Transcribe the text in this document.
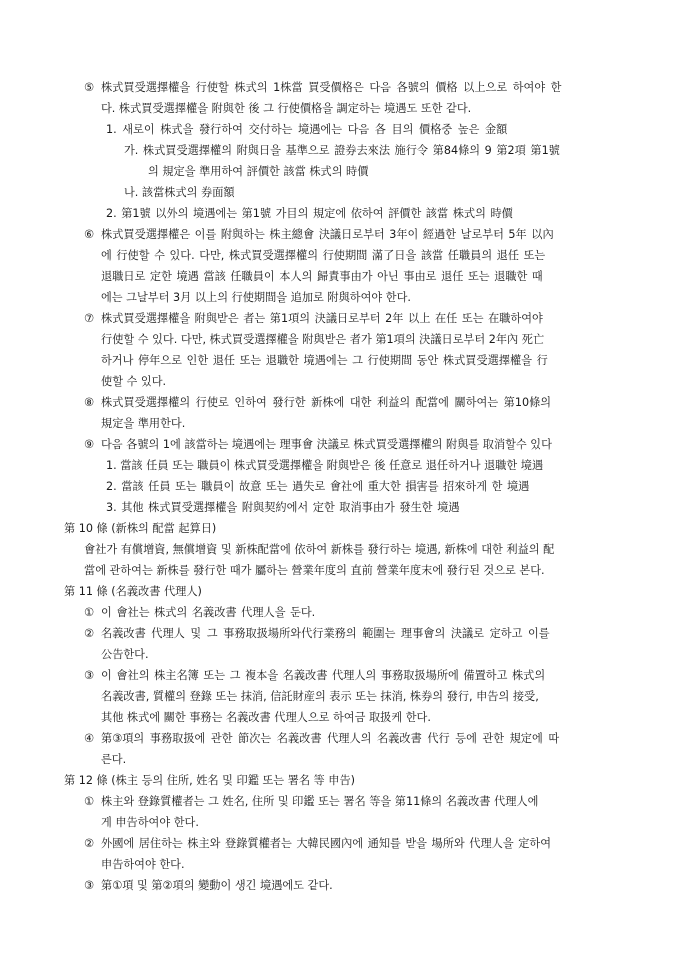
⑤ 株式買受選擇權을 行使할 株式의 1株當 買受價格은 다음 各號의 價格 以上으로 하여야 한
다. 株式買受選擇權을 附與한 後 그 行使價格을 調定하는 境遇도 또한 같다.
1. 새로이 株式을 發行하여 交付하는 境遇에는 다음 各 目의 價格중 높은 金額
가. 株式買受選擇權의 附與日을 基準으로 證券去來法 施行令 第84條의 9 第2項 第1號
의 規定을 準用하여 評價한 該當 株式의 時價
나. 該當株式의 券面額
2. 第1號 以外의 境遇에는 第1號 가目의 規定에 依하여 評價한 該當 株式의 時價
⑥ 株式買受選擇權은 이를 附與하는 株主總會 決議日로부터 3年이 經過한 날로부터 5年 以內
에 行使할 수 있다. 다만, 株式買受選擇權의 行使期間 滿了日을 該當 任職員의 退任 또는
退職日로 定한 境遇 當該 任職員이 本人의 歸責事由가 아닌 事由로 退任 또는 退職한 때
에는 그날부터 3月 以上의 行使期間을 追加로 附與하여야 한다.
⑦ 株式買受選擇權을 附與받은 者는 第1項의 決議日로부터 2年 以上 在任 또는 在職하여야
行使할 수 있다. 다만, 株式買受選擇權을 附與받은 者가 第1項의 決議日로부터 2年內 死亡
하거나 停年으로 인한 退任 또는 退職한 境遇에는 그 行使期間 동안 株式買受選擇權을 行
使할 수 있다.
⑧ 株式買受選擇權의 行使로 인하여 發行한 新株에 대한 利益의 配當에 關하여는 第10條의
規定을 準用한다.
⑨ 다음 各號의 1에 該當하는 境遇에는 理事會 決議로 株式買受選擇權의 附與를 取消할수 있다
1. 當該 任員 또는 職員이 株式買受選擇權을 附與받은 後 任意로 退任하거나 退職한 境遇
2. 當該 任員 또는 職員이 故意 또는 過失로 會社에 重大한 損害를 招來하게 한 境遇
3. 其他 株式買受選擇權을 附與契約에서 定한 取消事由가 發生한 境遇
第 10 條 (新株의 配當 起算日)
會社가 有償增資, 無償增資 및 新株配當에 依하여 新株를 發行하는 境遇, 新株에 대한 利益의 配
當에 관하여는 新株를 發行한 때가 屬하는 營業年度의 直前 營業年度末에 發行된 것으로 본다.
第 11 條 (名義改書 代理人)
① 이 會社는 株式의 名義改書 代理人을 둔다.
② 名義改書 代理人 및 그 事務取扱場所와代行業務의 範圍는 理事會의 決議로 定하고 이를
公告한다.
③ 이 會社의 株主名簿 또는 그 複本을 名義改書 代理人의 事務取扱場所에 備置하고 株式의
名義改書, 質權의 登錄 또는 抹消, 信託財産의 表示 또는 抹消, 株券의 發行, 申告의 接受,
其他 株式에 關한 事務는 名義改書 代理人으로 하여금 取扱케 한다.
④ 第③項의 事務取扱에 관한 節次는 名義改書 代理人의 名義改書 代行 등에 관한 規定에 따
른다.
第 12 條 (株主 등의 住所, 姓名 및 印鑑 또는 署名 等 申告)
① 株主와 登錄質權者는 그 姓名, 住所 및 印鑑 또는 署名 等을 第11條의 名義改書 代理人에
게 申告하여야 한다.
② 外國에 居住하는 株主와 登錄質權者는 大韓民國內에 通知를 받을 場所와 代理人을 定하여
申告하여야 한다.
③ 第①項 및 第②項의 變動이 생긴 境遇에도 같다.
